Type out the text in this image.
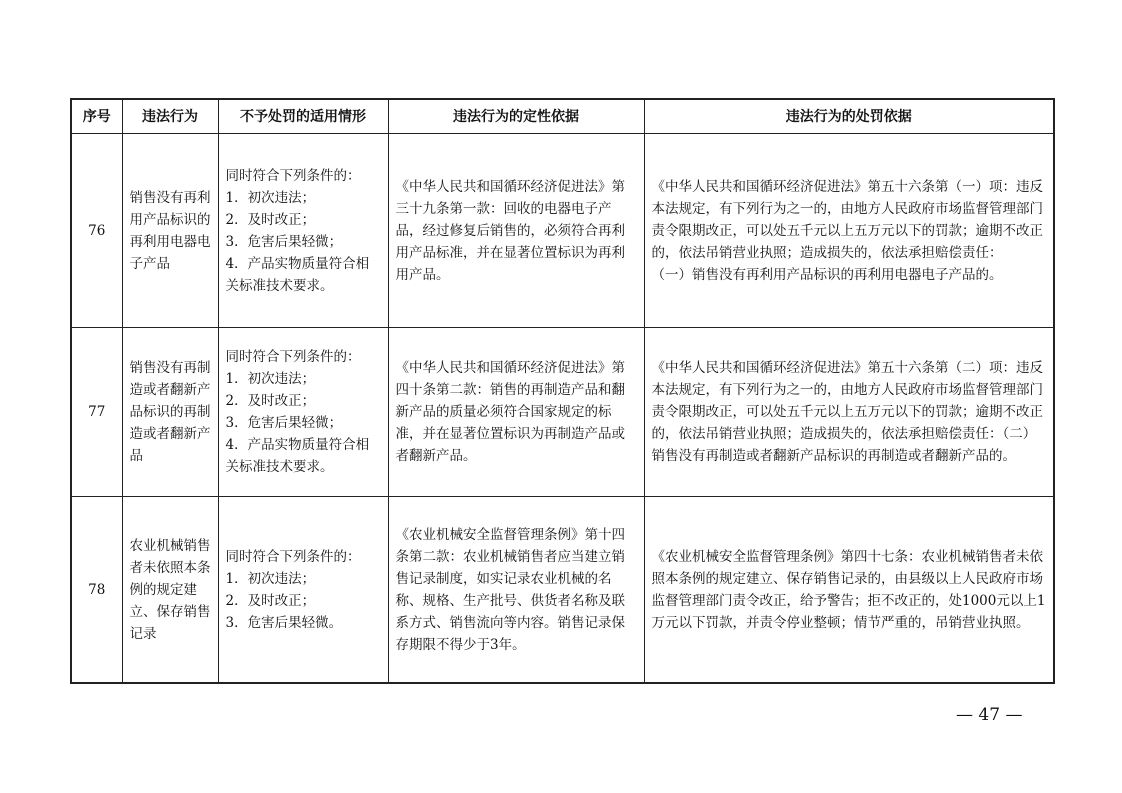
序号	违法行为	不予处罚的适用情形	违法行为的定性依据	违法行为的处罚依据
76	销售没有再利用产品标识的再利用电器电子产品	同时符合下列条件的：
1．初次违法；
2．及时改正；
3．危害后果轻微；
4．产品实物质量符合相关标准技术要求。	《中华人民共和国循环经济促进法》第三十九条第一款：回收的电器电子产品，经过修复后销售的，必须符合再利用产品标准，并在显著位置标识为再利用产品。	《中华人民共和国循环经济促进法》第五十六条第（一）项：违反本法规定，有下列行为之一的，由地方人民政府市场监督管理部门责令限期改正，可以处五千元以上五万元以下的罚款；逾期不改正的，依法吊销营业执照；造成损失的，依法承担赔偿责任：
（一）销售没有再利用产品标识的再利用电器电子产品的。
77	销售没有再制造或者翻新产品标识的再制造或者翻新产品	同时符合下列条件的：
1．初次违法；
2．及时改正；
3．危害后果轻微；
4．产品实物质量符合相关标准技术要求。	《中华人民共和国循环经济促进法》第四十条第二款：销售的再制造产品和翻新产品的质量必须符合国家规定的标准，并在显著位置标识为再制造产品或者翻新产品。	《中华人民共和国循环经济促进法》第五十六条第（二）项：违反本法规定，有下列行为之一的，由地方人民政府市场监督管理部门责令限期改正，可以处五千元以上五万元以下的罚款；逾期不改正的，依法吊销营业执照；造成损失的，依法承担赔偿责任：（二）销售没有再制造或者翻新产品标识的再制造或者翻新产品的。
78	农业机械销售者未依照本条例的规定建立、保存销售记录	同时符合下列条件的：
1．初次违法；
2．及时改正；
3．危害后果轻微。	《农业机械安全监督管理条例》第十四条第二款：农业机械销售者应当建立销售记录制度，如实记录农业机械的名称、规格、生产批号、供货者名称及联系方式、销售流向等内容。销售记录保存期限不得少于3年。	《农业机械安全监督管理条例》第四十七条：农业机械销售者未依照本条例的规定建立、保存销售记录的，由县级以上人民政府市场监督管理部门责令改正，给予警告；拒不改正的，处1000元以上1万元以下罚款，并责令停业整顿；情节严重的，吊销营业执照。
— 47 —
